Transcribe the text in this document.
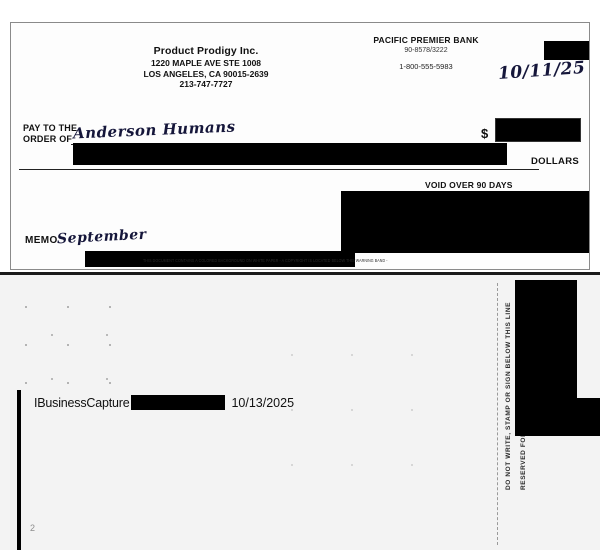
Product Prodigy Inc.
1220 MAPLE AVE STE 1008
LOS ANGELES, CA 90015-2639
213-747-7727
PACIFIC PREMIER BANK
90-8578/3222
1-800-555-5983	10/11/25
PAY TO THE
ORDER OF Anderson Humans	$
DOLLARS
VOID OVER 90 DAYS
MEMO
September
THIS DOCUMENT CONTAINS A COLORED BACKGROUND ON WHITE PAPER - A COPYRIGHT IS LOCATED BELOW THIS WARNING BAND -
IBusinessCapture	10/13/2025	DO NOT WRITE, STAMP OR SIGN BELOW THIS LINE
2
